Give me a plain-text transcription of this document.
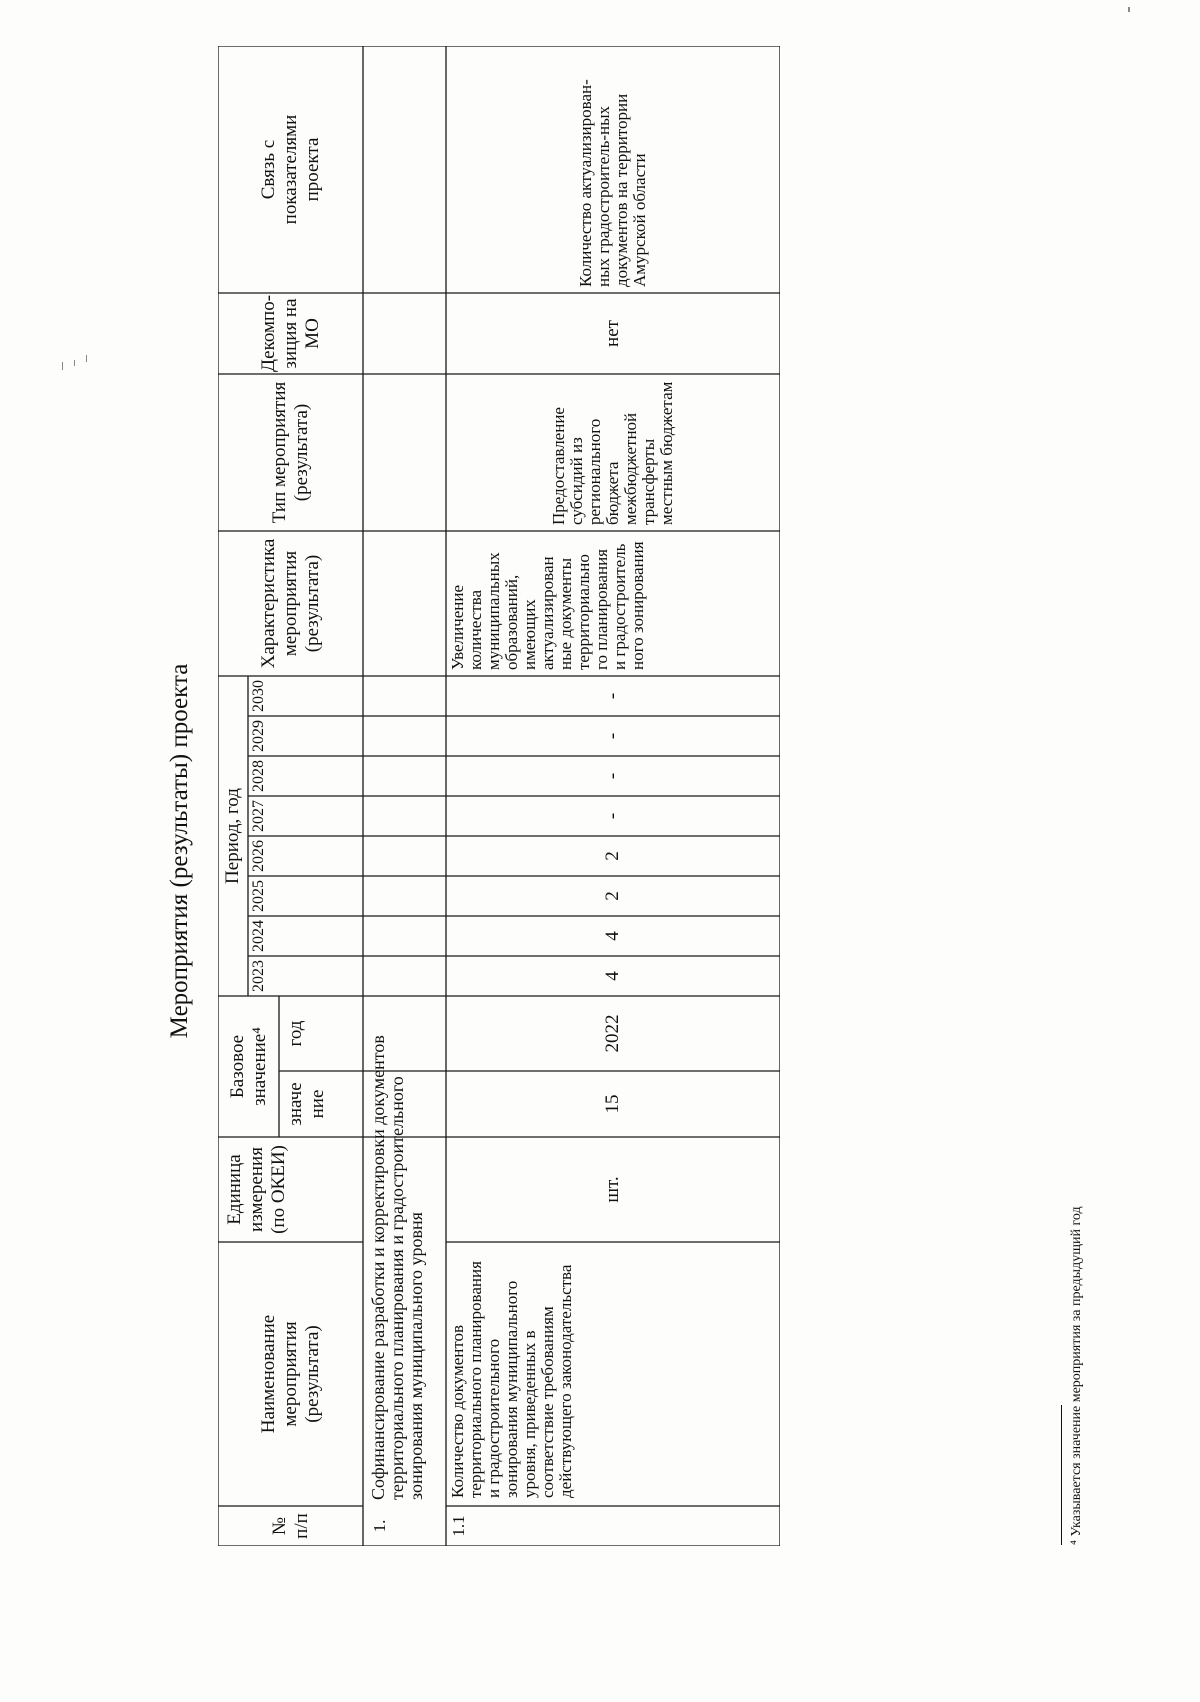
Мероприятия (результаты) проекта
№ п/п
Наименование мероприятия (результата)
Единица измерения (по ОКЕИ)
Базовое значение⁴ значе ние
год
Период, год
2023
2024
2025
2026
2027
2028
2029
2030
Характеристика мероприятия (результата)
Тип мероприятия (результата)
Декомпо-зиция на МО
Связь с показателями проекта
1.
Софинансирование разработки и корректировки документов территориального планирования и градостроительного зонирования муниципального уровня
1.1
Количество документов территориального планирования и градостроительного зонирования муниципального уровня, приведенных в соответствие требованиям действующего законодательства
шт.
15
2022
4
4
2
2
-
-
-
-
Увеличение количества муниципальных образований, имеющих актуализирован ные документы территориально го планирования и градостроитель ного зонирования
Предоставление субсидий из регионального бюджета межбюджетной трансферты местным бюджетам
нет
Количество актуализирован-ных градостроитель-ных документов на территории Амурской области
⁴ Указывается значение мероприятия за предыдущий год
